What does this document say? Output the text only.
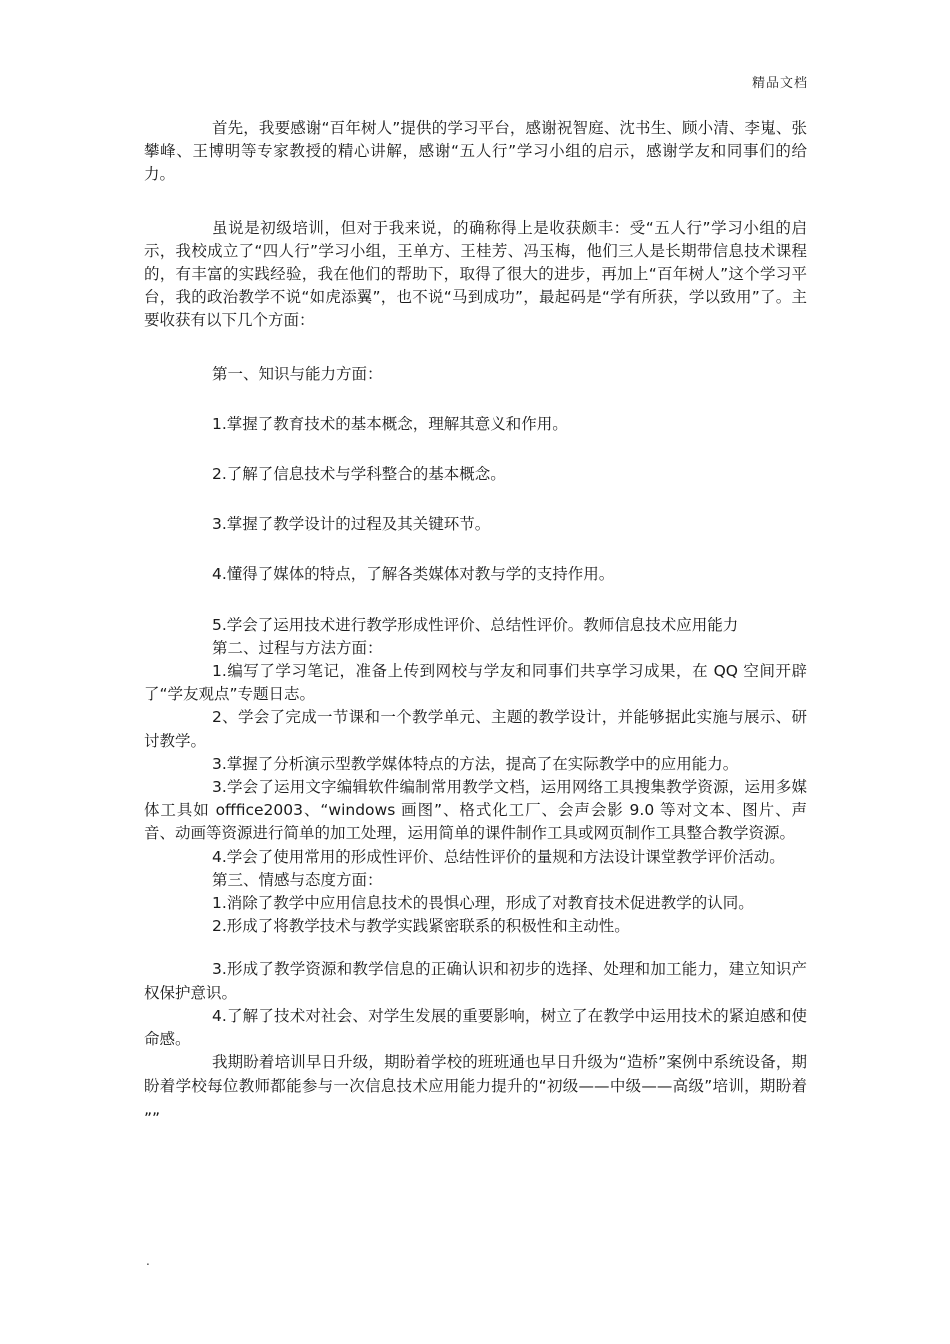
精品文档

首先，我要感谢“百年树人”提供的学习平台，感谢祝智庭、沈书生、顾小清、李嵬、张攀峰、王博明等专家教授的精心讲解，感谢“五人行”学习小组的启示，感谢学友和同事们的给力。

虽说是初级培训，但对于我来说，的确称得上是收获颇丰：受“五人行”学习小组的启示，我校成立了“四人行”学习小组，王单方、王桂芳、冯玉梅，他们三人是长期带信息技术课程的，有丰富的实践经验，我在他们的帮助下，取得了很大的进步，再加上“百年树人”这个学习平台，我的政治教学不说“如虎添翼”，也不说“马到成功”，最起码是“学有所获，学以致用”了。主要收获有以下几个方面：

第一、知识与能力方面：

1.掌握了教育技术的基本概念，理解其意义和作用。

2.了解了信息技术与学科整合的基本概念。

3.掌握了教学设计的过程及其关键环节。

4.懂得了媒体的特点，了解各类媒体对教与学的支持作用。

5.学会了运用技术进行教学形成性评价、总结性评价。教师信息技术应用能力

第二、过程与方法方面：

1.编写了学习笔记，准备上传到网校与学友和同事们共享学习成果，在 QQ 空间开辟了“学友观点”专题日志。

2、学会了完成一节课和一个教学单元、主题的教学设计，并能够据此实施与展示、研讨教学。

3.掌握了分析演示型教学媒体特点的方法，提高了在实际教学中的应用能力。

3.学会了运用文字编辑软件编制常用教学文档，运用网络工具搜集教学资源，运用多媒体工具如 offfice2003、“windows 画图”、格式化工厂、会声会影 9.0 等对文本、图片、声音、动画等资源进行简单的加工处理，运用简单的课件制作工具或网页制作工具整合教学资源。

4.学会了使用常用的形成性评价、总结性评价的量规和方法设计课堂教学评价活动。

第三、情感与态度方面：

1.消除了教学中应用信息技术的畏惧心理，形成了对教育技术促进教学的认同。

2.形成了将教学技术与教学实践紧密联系的积极性和主动性。

3.形成了教学资源和教学信息的正确认识和初步的选择、处理和加工能力，建立知识产权保护意识。

4.了解了技术对社会、对学生发展的重要影响，树立了在教学中运用技术的紧迫感和使命感。

我期盼着培训早日升级，期盼着学校的班班通也早日升级为“造桥”案例中系统设备，期盼着学校每位教师都能参与一次信息技术应用能力提升的“初级——中级——高级”培训，期盼着„„

.
